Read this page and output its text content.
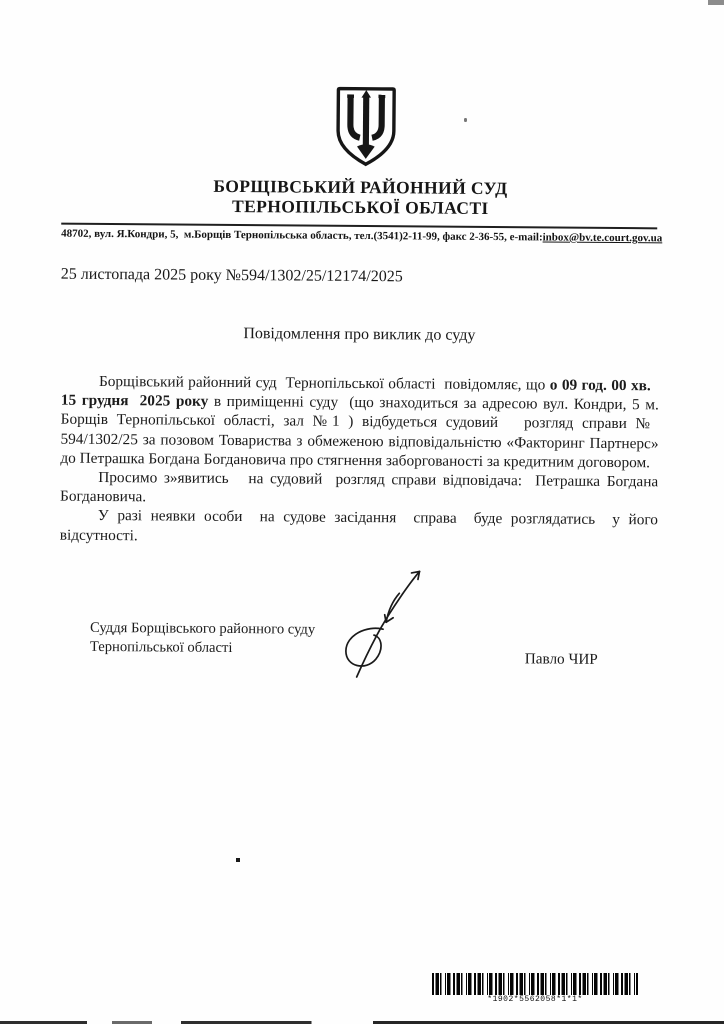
БОРЩІВСЬКИЙ РАЙОННИЙ СУД
ТЕРНОПІЛЬСЬКОЇ ОБЛАСТІ
48702, вул. Я.Кондри, 5,  м.Борщів Тернопільська область, тел.(3541)2-11-99, факс 2-36-55, e-mail:inbox@bv.te.court.gov.ua
25 листопада 2025 року №594/1302/25/12174/2025
Повідомлення про виклик до суду

Борщівський районний суд  Тернопільської області  повідомляє, що о 09 год. 00 хв.   15 грудня  2025 року в приміщенні суду  (що знаходиться за адресою вул. Кондри, 5 м. Борщів Тернопільської області, зал №1 ) відбудеться судовий   розгляд справи №  594/1302/25 за позовом Товариства з обмеженою відповідальністю «Факторинг Партнерс» до Петрашка Богдана Богдановича про стягнення заборгованості за кредитним договором.

Просимо з»явитись   на судовий  розгляд справи відповідача:  Петрашка Богдана Богдановича.

У разі неявки особи  на судове засідання  справа  буде розглядатись  у його відсутності.

Суддя Борщівського районного суду
Тернопільської області
Павло ЧИР
*1902*5562058*1*1*
